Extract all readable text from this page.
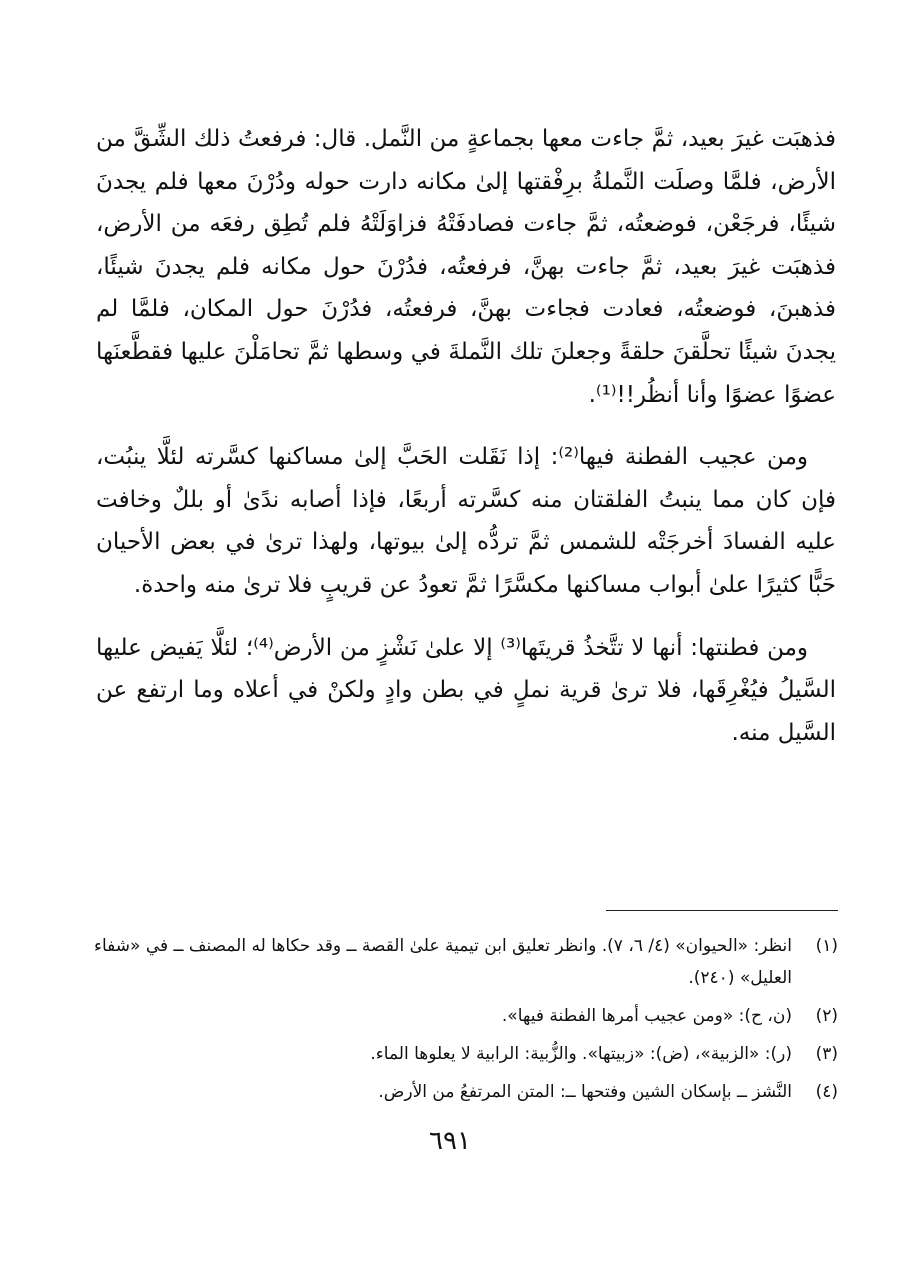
فذهبَت غيرَ بعيد، ثمَّ جاءت معها بجماعةٍ من النَّمل. قال: فرفعتُ ذلك الشِّقَّ من الأرض، فلمَّا وصلَت النَّملةُ برِفْقتها إلىٰ مكانه دارت حوله ودُرْنَ معها فلم يجدنَ شيئًا، فرجَعْن، فوضعتُه، ثمَّ جاءت فصادفَتْهُ فزاوَلَتْهُ فلم تُطِق رفعَه من الأرض، فذهبَت غيرَ بعيد، ثمَّ جاءت بهنَّ، فرفعتُه، فدُرْنَ حول مكانه فلم يجدنَ شيئًا، فذهبنَ، فوضعتُه، فعادت فجاءت بهنَّ، فرفعتُه، فدُرْنَ حول المكان، فلمَّا لم يجدنَ شيئًا تحلَّقنَ حلقةً وجعلنَ تلك النَّملةَ في وسطها ثمَّ تحامَلْنَ عليها فقطَّعنَها عضوًا عضوًا وأنا أنظُر!!⁽¹⁾.

ومن عجيب الفطنة فيها⁽²⁾: إذا نَقَلت الحَبَّ إلىٰ مساكنها كسَّرته لئلَّا ينبُت، فإن كان مما ينبتُ الفلقتان منه كسَّرته أربعًا، فإذا أصابه ندًىٰ أو بللٌ وخافت عليه الفسادَ أخرجَتْه للشمس ثمَّ تردُّه إلىٰ بيوتها، ولهذا ترىٰ في بعض الأحيان حَبًّا كثيرًا علىٰ أبواب مساكنها مكسَّرًا ثمَّ تعودُ عن قريبٍ فلا ترىٰ منه واحدة.

ومن فطنتها: أنها لا تتَّخذُ قريتَها⁽³⁾ إلا علىٰ نَشْزٍ من الأرض⁽⁴⁾؛ لئلَّا يَفيض عليها السَّيلُ فيُغْرِقَها، فلا ترىٰ قرية نملٍ في بطن وادٍ ولكنْ في أعلاه وما ارتفع عن السَّيل منه.

(١)
انظر: «الحيوان» (٤/ ٦، ٧). وانظر تعليق ابن تيمية علىٰ القصة ــ وقد حكاها له المصنف ــ في «شفاء العليل» (٢٤٠).
(٢)
(ن، ح): «ومن عجيب أمرها الفطنة فيها».
(٣)
(ر): «الزبية»، (ض): «زبيتها». والزُّبية: الرابية لا يعلوها الماء.
(٤)
النَّشز ــ بإسكان الشين وفتحها ــ: المتن المرتفعُ من الأرض.
٦٩١
